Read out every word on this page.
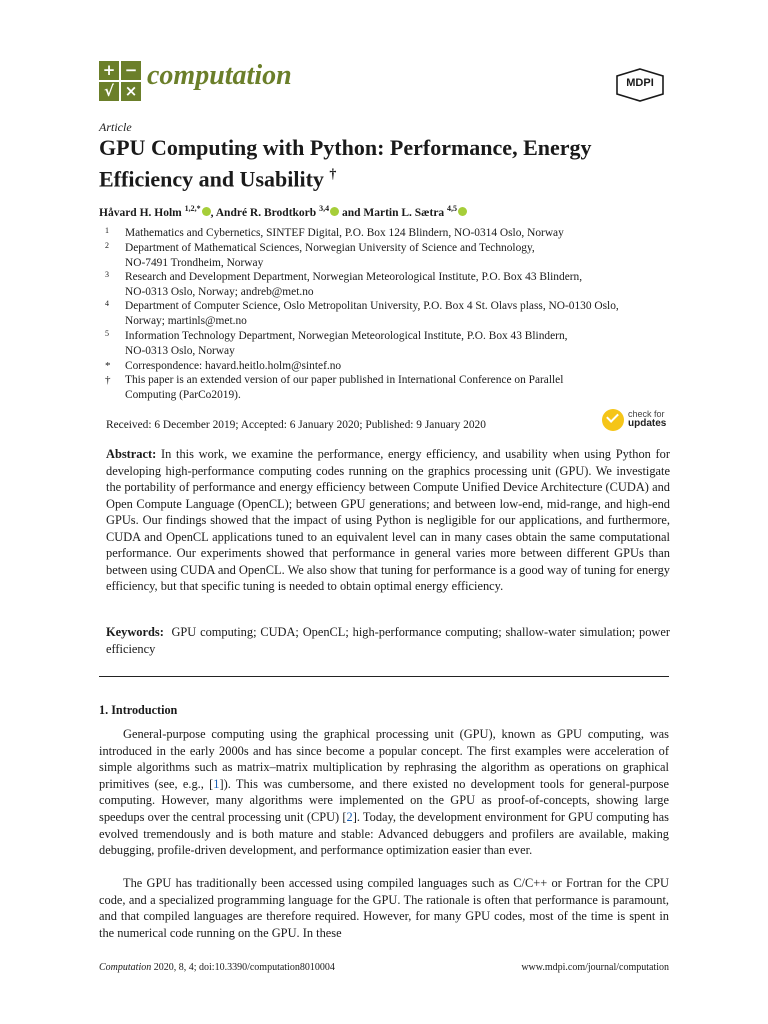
+ −
√ × computation	MDPI
Article
GPU Computing with Python: Performance, Energy
Efficiency and Usability †
Håvard H. Holm $^{1,2,*}$ , André R. Brodtkorb $^{3,4}$ and Martin L. Sætra $^{4,5}$
1 Mathematics and Cybernetics, SINTEF Digital, P.O. Box 124 Blindern, NO-0314 Oslo, Norway
2 Department of Mathematical Sciences, Norwegian University of Science and Technology,
NO-7491 Trondheim, Norway
3 Research and Development Department, Norwegian Meteorological Institute, P.O. Box 43 Blindern,
NO-0313 Oslo, Norway; andreb@met.no
4 Department of Computer Science, Oslo Metropolitan University, P.O. Box 4 St. Olavs plass, NO-0130 Oslo,
Norway; martinls@met.no
5 Information Technology Department, Norwegian Meteorological Institute, P.O. Box 43 Blindern,
NO-0313 Oslo, Norway
* Correspondence: havard.heitlo.holm@sintef.no
† This paper is an extended version of our paper published in International Conference on Parallel
Computing (ParCo2019).
Received: 6 December 2019; Accepted: 6 January 2020; Published: 9 January 2020
check for
updates
Abstract: In this work, we examine the performance, energy efficiency, and usability when using Python for developing high-performance computing codes running on the graphics processing unit (GPU). We investigate the portability of performance and energy efficiency between Compute Unified Device Architecture (CUDA) and Open Compute Language (OpenCL); between GPU generations; and between low-end, mid-range, and high-end GPUs. Our findings showed that the impact of using Python is negligible for our applications, and furthermore, CUDA and OpenCL applications tuned to an equivalent level can in many cases obtain the same computational performance. Our experiments showed that performance in general varies more between different GPUs than between using CUDA and OpenCL. We also show that tuning for performance is a good way of tuning for energy efficiency, but that specific tuning is needed to obtain optimal energy efficiency.
Keywords: GPU computing; CUDA; OpenCL; high-performance computing; shallow-water simulation; power efficiency
1. Introduction
General-purpose computing using the graphical processing unit (GPU), known as GPU computing, was introduced in the early 2000s and has since become a popular concept. The first examples were acceleration of simple algorithms such as matrix–matrix multiplication by rephrasing the algorithm as operations on graphical primitives (see, e.g., [1]). This was cumbersome, and there existed no development tools for general-purpose computing. However, many algorithms were implemented on the GPU as proof-of-concepts, showing large speedups over the central processing unit (CPU) [2]. Today, the development environment for GPU computing has evolved tremendously and is both mature and stable: Advanced debuggers and profilers are available, making debugging, profile-driven development, and performance optimization easier than ever.
The GPU has traditionally been accessed using compiled languages such as C/C++ or Fortran for the CPU code, and a specialized programming language for the GPU. The rationale is often that performance is paramount, and that compiled languages are therefore required. However, for many GPU codes, most of the time is spent in the numerical code running on the GPU. In these
Computation 2020, 8, 4; doi:10.3390/computation8010004	www.mdpi.com/journal/computation
